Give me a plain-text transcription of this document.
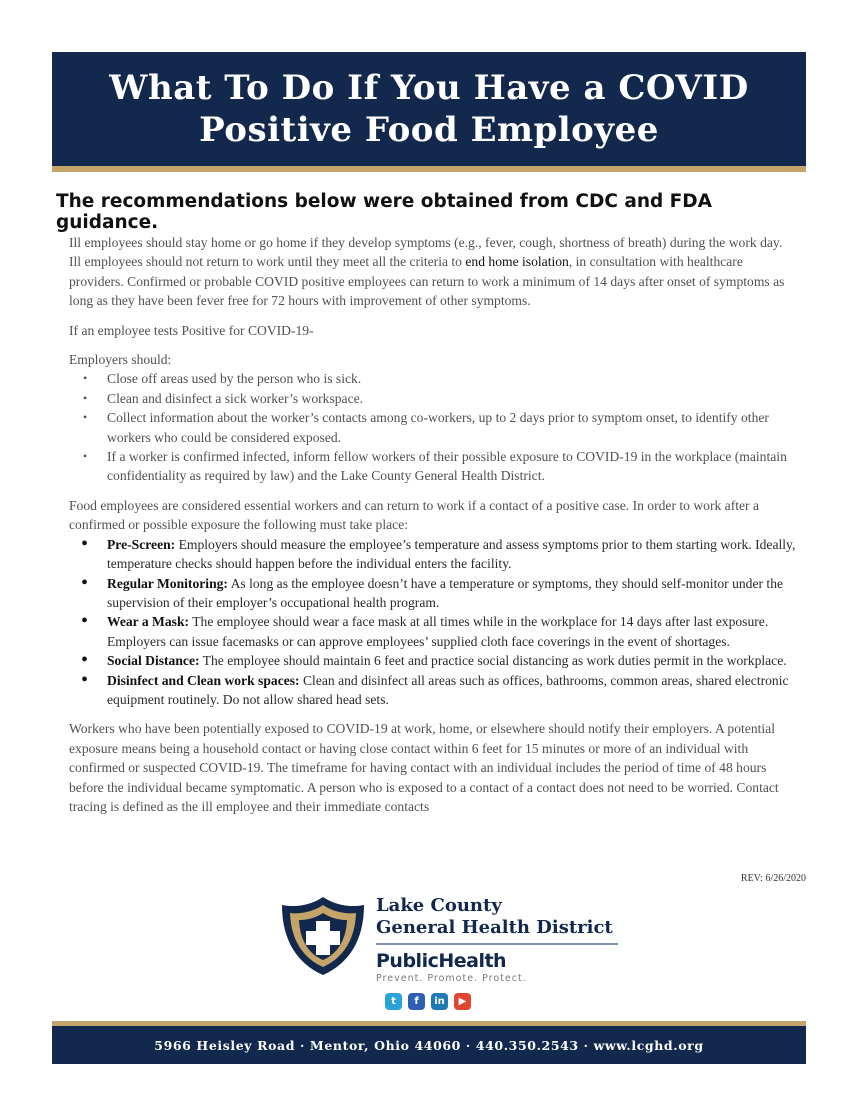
What To Do If You Have a COVID
Positive Food Employee
The recommendations below were obtained from CDC and FDA guidance.

Ill employees should stay home or go home if they develop symptoms (e.g., fever, cough, shortness of breath) during the work day. Ill employees should not return to work until they meet all the criteria to end home isolation, in consultation with healthcare providers. Confirmed or probable COVID positive employees can return to work a minimum of 14 days after onset of symptoms as long as they have been fever free for 72 hours with improvement of other symptoms.

If an employee tests Positive for COVID-19-

Employers should:

• Close off areas used by the person who is sick.
• Clean and disinfect a sick worker’s workspace.
• Collect information about the worker’s contacts among co-workers, up to 2 days prior to symptom onset, to identify other workers who could be considered exposed.
• If a worker is confirmed infected, inform fellow workers of their possible exposure to COVID-19 in the workplace (maintain confidentiality as required by law) and the Lake County General Health District.

Food employees are considered essential workers and can return to work if a contact of a positive case. In order to work after a confirmed or possible exposure the following must take place:

• Pre-Screen: Employers should measure the employee’s temperature and assess symptoms prior to them starting work. Ideally, temperature checks should happen before the individual enters the facility.
• Regular Monitoring: As long as the employee doesn’t have a temperature or symptoms, they should self-monitor under the supervision of their employer’s occupational health program.
• Wear a Mask: The employee should wear a face mask at all times while in the workplace for 14 days after last exposure. Employers can issue facemasks or can approve employees’ supplied cloth face coverings in the event of shortages.
• Social Distance: The employee should maintain 6 feet and practice social distancing as work duties permit in the workplace.
• Disinfect and Clean work spaces: Clean and disinfect all areas such as offices, bathrooms, common areas, shared electronic equipment routinely. Do not allow shared head sets.

Workers who have been potentially exposed to COVID-19 at work, home, or elsewhere should notify their employers. A potential exposure means being a household contact or having close contact within 6 feet for 15 minutes or more of an individual with confirmed or suspected COVID-19. The timeframe for having contact with an individual includes the period of time of 48 hours before the individual became symptomatic. A person who is exposed to a contact of a contact does not need to be worried. Contact tracing is defined as the ill employee and their immediate contacts

REV: 6/26/2020
Lake County
General Health District
PublicHealth
Prevent. Promote. Protect.
t	f	in	▶
5966 Heisley Road · Mentor, Ohio 44060 · 440.350.2543 · www.lcghd.org
